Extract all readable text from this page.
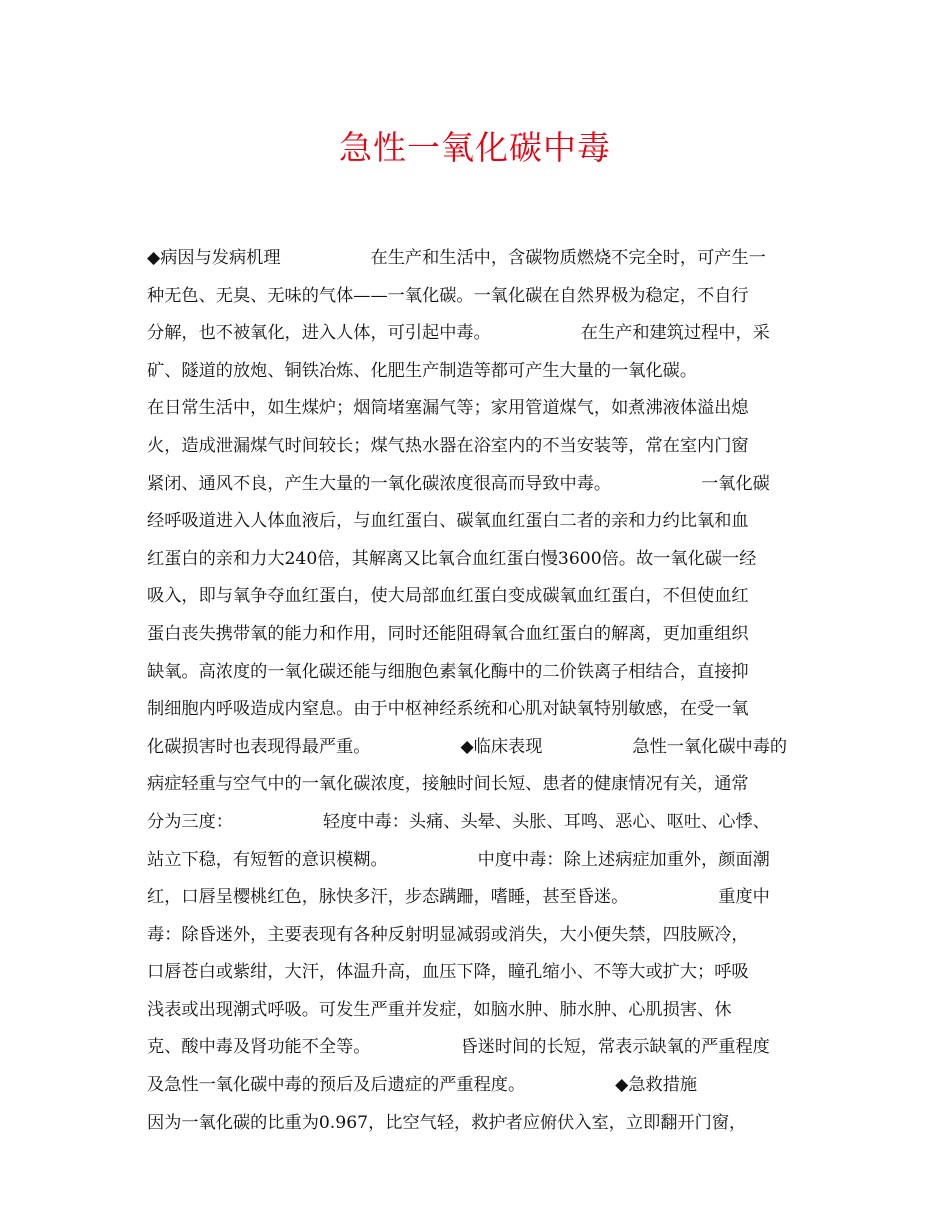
急性一氧化碳中毒
◆病因与发病机理	在生产和生活中，含碳物质燃烧不完全时，可产生一
种无色、无臭、无味的气体——一氧化碳。一氧化碳在自然界极为稳定，不自行
分解，也不被氧化，进入人体，可引起中毒。	在生产和建筑过程中，采
矿、隧道的放炮、铜铁冶炼、化肥生产制造等都可产生大量的一氧化碳。
在日常生活中，如生煤炉；烟筒堵塞漏气等；家用管道煤气，如煮沸液体溢出熄
火，造成泄漏煤气时间较长；煤气热水器在浴室内的不当安装等，常在室内门窗
紧闭、通风不良，产生大量的一氧化碳浓度很高而导致中毒。	一氧化碳
经呼吸道进入人体血液后，与血红蛋白、碳氧血红蛋白二者的亲和力约比氧和血
红蛋白的亲和力大240倍，其解离又比氧合血红蛋白慢3600倍。故一氧化碳一经
吸入，即与氧争夺血红蛋白，使大局部血红蛋白变成碳氧血红蛋白，不但使血红
蛋白丧失携带氧的能力和作用，同时还能阻碍氧合血红蛋白的解离，更加重组织
缺氧。高浓度的一氧化碳还能与细胞色素氧化酶中的二价铁离子相结合，直接抑
制细胞内呼吸造成内窒息。由于中枢神经系统和心肌对缺氧特别敏感，在受一氧
化碳损害时也表现得最严重。	◆临床表现	急性一氧化碳中毒的
病症轻重与空气中的一氧化碳浓度，接触时间长短、患者的健康情况有关，通常
分为三度：	轻度中毒：头痛、头晕、头胀、耳鸣、恶心、呕吐、心悸、
站立下稳，有短暂的意识模糊。	中度中毒：除上述病症加重外，颜面潮
红，口唇呈樱桃红色，脉快多汗，步态蹒跚，嗜睡，甚至昏迷。	重度中
毒：除昏迷外，主要表现有各种反射明显减弱或消失，大小便失禁，四肢厥冷，
口唇苍白或紫绀，大汗，体温升高，血压下降，瞳孔缩小、不等大或扩大；呼吸
浅表或出现潮式呼吸。可发生严重并发症，如脑水肿、肺水肿、心肌损害、休
克、酸中毒及肾功能不全等。	昏迷时间的长短，常表示缺氧的严重程度
及急性一氧化碳中毒的预后及后遗症的严重程度。	◆急救措施
因为一氧化碳的比重为0.967，比空气轻，救护者应俯伏入室，立即翻开门窗，
